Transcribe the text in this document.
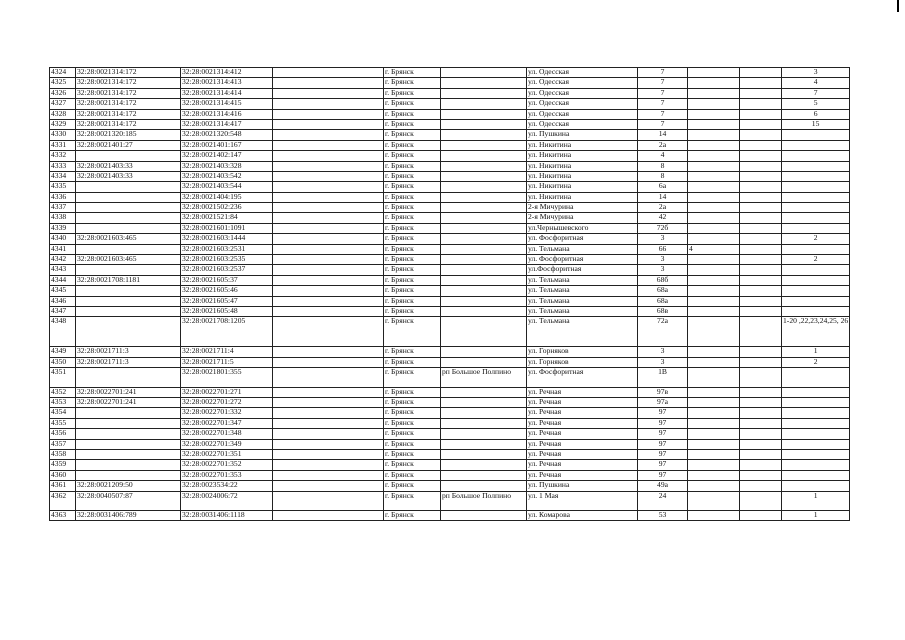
4324	32:28:0021314:172	32:28:0021314:412		г. Брянск		ул. Одесская	7			3
4325	32:28:0021314:172	32:28:0021314:413		г. Брянск		ул. Одесская	7			4
4326	32:28:0021314:172	32:28:0021314:414		г. Брянск		ул. Одесская	7			7
4327	32:28:0021314:172	32:28:0021314:415		г. Брянск		ул. Одесская	7			5
4328	32:28:0021314:172	32:28:0021314:416		г. Брянск		ул. Одесская	7			6
4329	32:28:0021314:172	32:28:0021314:417		г. Брянск		ул. Одесская	7			15
4330	32:28:0021320:185	32:28:0021320:548		г. Брянск		ул. Пушкина	14			
4331	32:28:0021401:27	32:28:0021401:167		г. Брянск		ул. Никитина	2а			
4332		32:28:0021402:147		г. Брянск		ул. Никитина	4			
4333	32:28:0021403:33	32:28:0021403:328		г. Брянск		ул. Никитина	8			
4334	32:28:0021403:33	32:28:0021403:542		г. Брянск		ул. Никитина	8			
4335		32:28:0021403:544		г. Брянск		ул. Никитина	6а			
4336		32:28:0021404:195		г. Брянск		ул. Никитина	14			
4337		32:28:0021502:236		г. Брянск		2-я Мичурина	2а			
4338		32:28:0021521:84		г. Брянск		2-я Мичурина	42			
4339		32:28:0021601:1091		г. Брянск		ул.Чернышевского	72б			
4340	32:28:0021603:465	32:28:0021603:1444		г. Брянск		ул. Фосфоритная	3			2
4341		32:28:0021603:2531		г. Брянск		ул. Тельмана	66	4		
4342	32:28:0021603:465	32:28:0021603:2535		г. Брянск		ул. Фосфоритная	3			2
4343		32:28:0021603:2537		г. Брянск		ул.Фосфоритная	3			
4344	32:28:0021708:1181	32:28:0021605:37		г. Брянск		ул. Тельмана	68б			
4345		32:28:0021605:46		г. Брянск		ул. Тельмана	68а			
4346		32:28:0021605:47		г. Брянск		ул. Тельмана	68а			
4347		32:28:0021605:48		г. Брянск		ул. Тельмана	68в			
4348		32:28:0021708:1205		г. Брянск		ул. Тельмана	72а			1-20 ,22,23,24,25, 26
4349	32:28:0021711:3	32:28:0021711:4		г. Брянск		ул. Горняков	3			1
4350	32:28:0021711:3	32:28:0021711:5		г. Брянск		ул. Горняков	3			2
4351		32:28:0021801:355		г. Брянск	рп Большое Полпино	ул. Фосфоритная	1В			
4352	32:28:0022701:241	32:28:0022701:271		г. Брянск		ул. Речная	97в			
4353	32:28:0022701:241	32:28:0022701:272		г. Брянск		ул. Речная	97а			
4354		32:28:0022701:332		г. Брянск		ул. Речная	97			
4355		32:28:0022701:347		г. Брянск		ул. Речная	97			
4356		32:28:0022701:348		г. Брянск		ул. Речная	97			
4357		32:28:0022701:349		г. Брянск		ул. Речная	97			
4358		32:28:0022701:351		г. Брянск		ул. Речная	97			
4359		32:28:0022701:352		г. Брянск		ул. Речная	97			
4360		32:28:0022701:353		г. Брянск		ул. Речная	97			
4361	32:28:0021209:50	32:28:0023534:22		г. Брянск		ул. Пушкина	49а			
4362	32:28:0040507:87	32:28:0024006:72		г. Брянск	рп Большое Полпино	ул. 1 Мая	24			1
4363	32:28:0031406:789	32:28:0031406:1118		г. Брянск		ул. Комарова	53			1
